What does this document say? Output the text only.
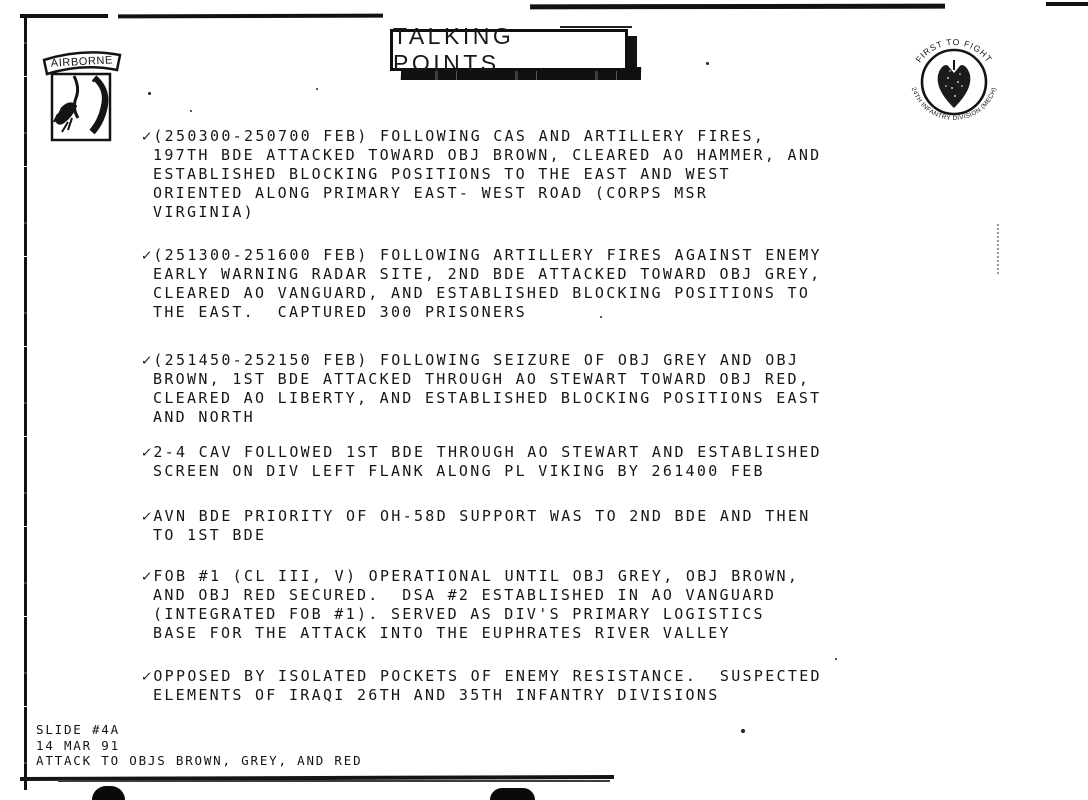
TALKING POINTS
AIRBORNE	FIRST TO FIGHT
24TH INFANTRY DIVISION (MECH)
✓(250300-250700 FEB) FOLLOWING CAS AND ARTILLERY FIRES,
197TH BDE ATTACKED TOWARD OBJ BROWN, CLEARED AO HAMMER, AND
ESTABLISHED BLOCKING POSITIONS TO THE EAST AND WEST
ORIENTED ALONG PRIMARY EAST- WEST ROAD (CORPS MSR
VIRGINIA)
✓(251300-251600 FEB) FOLLOWING ARTILLERY FIRES AGAINST ENEMY
EARLY WARNING RADAR SITE, 2ND BDE ATTACKED TOWARD OBJ GREY,
CLEARED AO VANGUARD, AND ESTABLISHED BLOCKING POSITIONS TO
THE EAST.  CAPTURED 300 PRISONERS
✓(251450-252150 FEB) FOLLOWING SEIZURE OF OBJ GREY AND OBJ
BROWN, 1ST BDE ATTACKED THROUGH AO STEWART TOWARD OBJ RED,
CLEARED AO LIBERTY, AND ESTABLISHED BLOCKING POSITIONS EAST
AND NORTH
✓2-4 CAV FOLLOWED 1ST BDE THROUGH AO STEWART AND ESTABLISHED
SCREEN ON DIV LEFT FLANK ALONG PL VIKING BY 261400 FEB
✓AVN BDE PRIORITY OF OH-58D SUPPORT WAS TO 2ND BDE AND THEN
TO 1ST BDE
✓FOB #1 (CL III, V) OPERATIONAL UNTIL OBJ GREY, OBJ BROWN,
AND OBJ RED SECURED.  DSA #2 ESTABLISHED IN AO VANGUARD
(INTEGRATED FOB #1). SERVED AS DIV'S PRIMARY LOGISTICS
BASE FOR THE ATTACK INTO THE EUPHRATES RIVER VALLEY
✓OPPOSED BY ISOLATED POCKETS OF ENEMY RESISTANCE.  SUSPECTED
ELEMENTS OF IRAQI 26TH AND 35TH INFANTRY DIVISIONS
SLIDE #4A
14 MAR 91
ATTACK TO OBJS BROWN, GREY, AND RED
